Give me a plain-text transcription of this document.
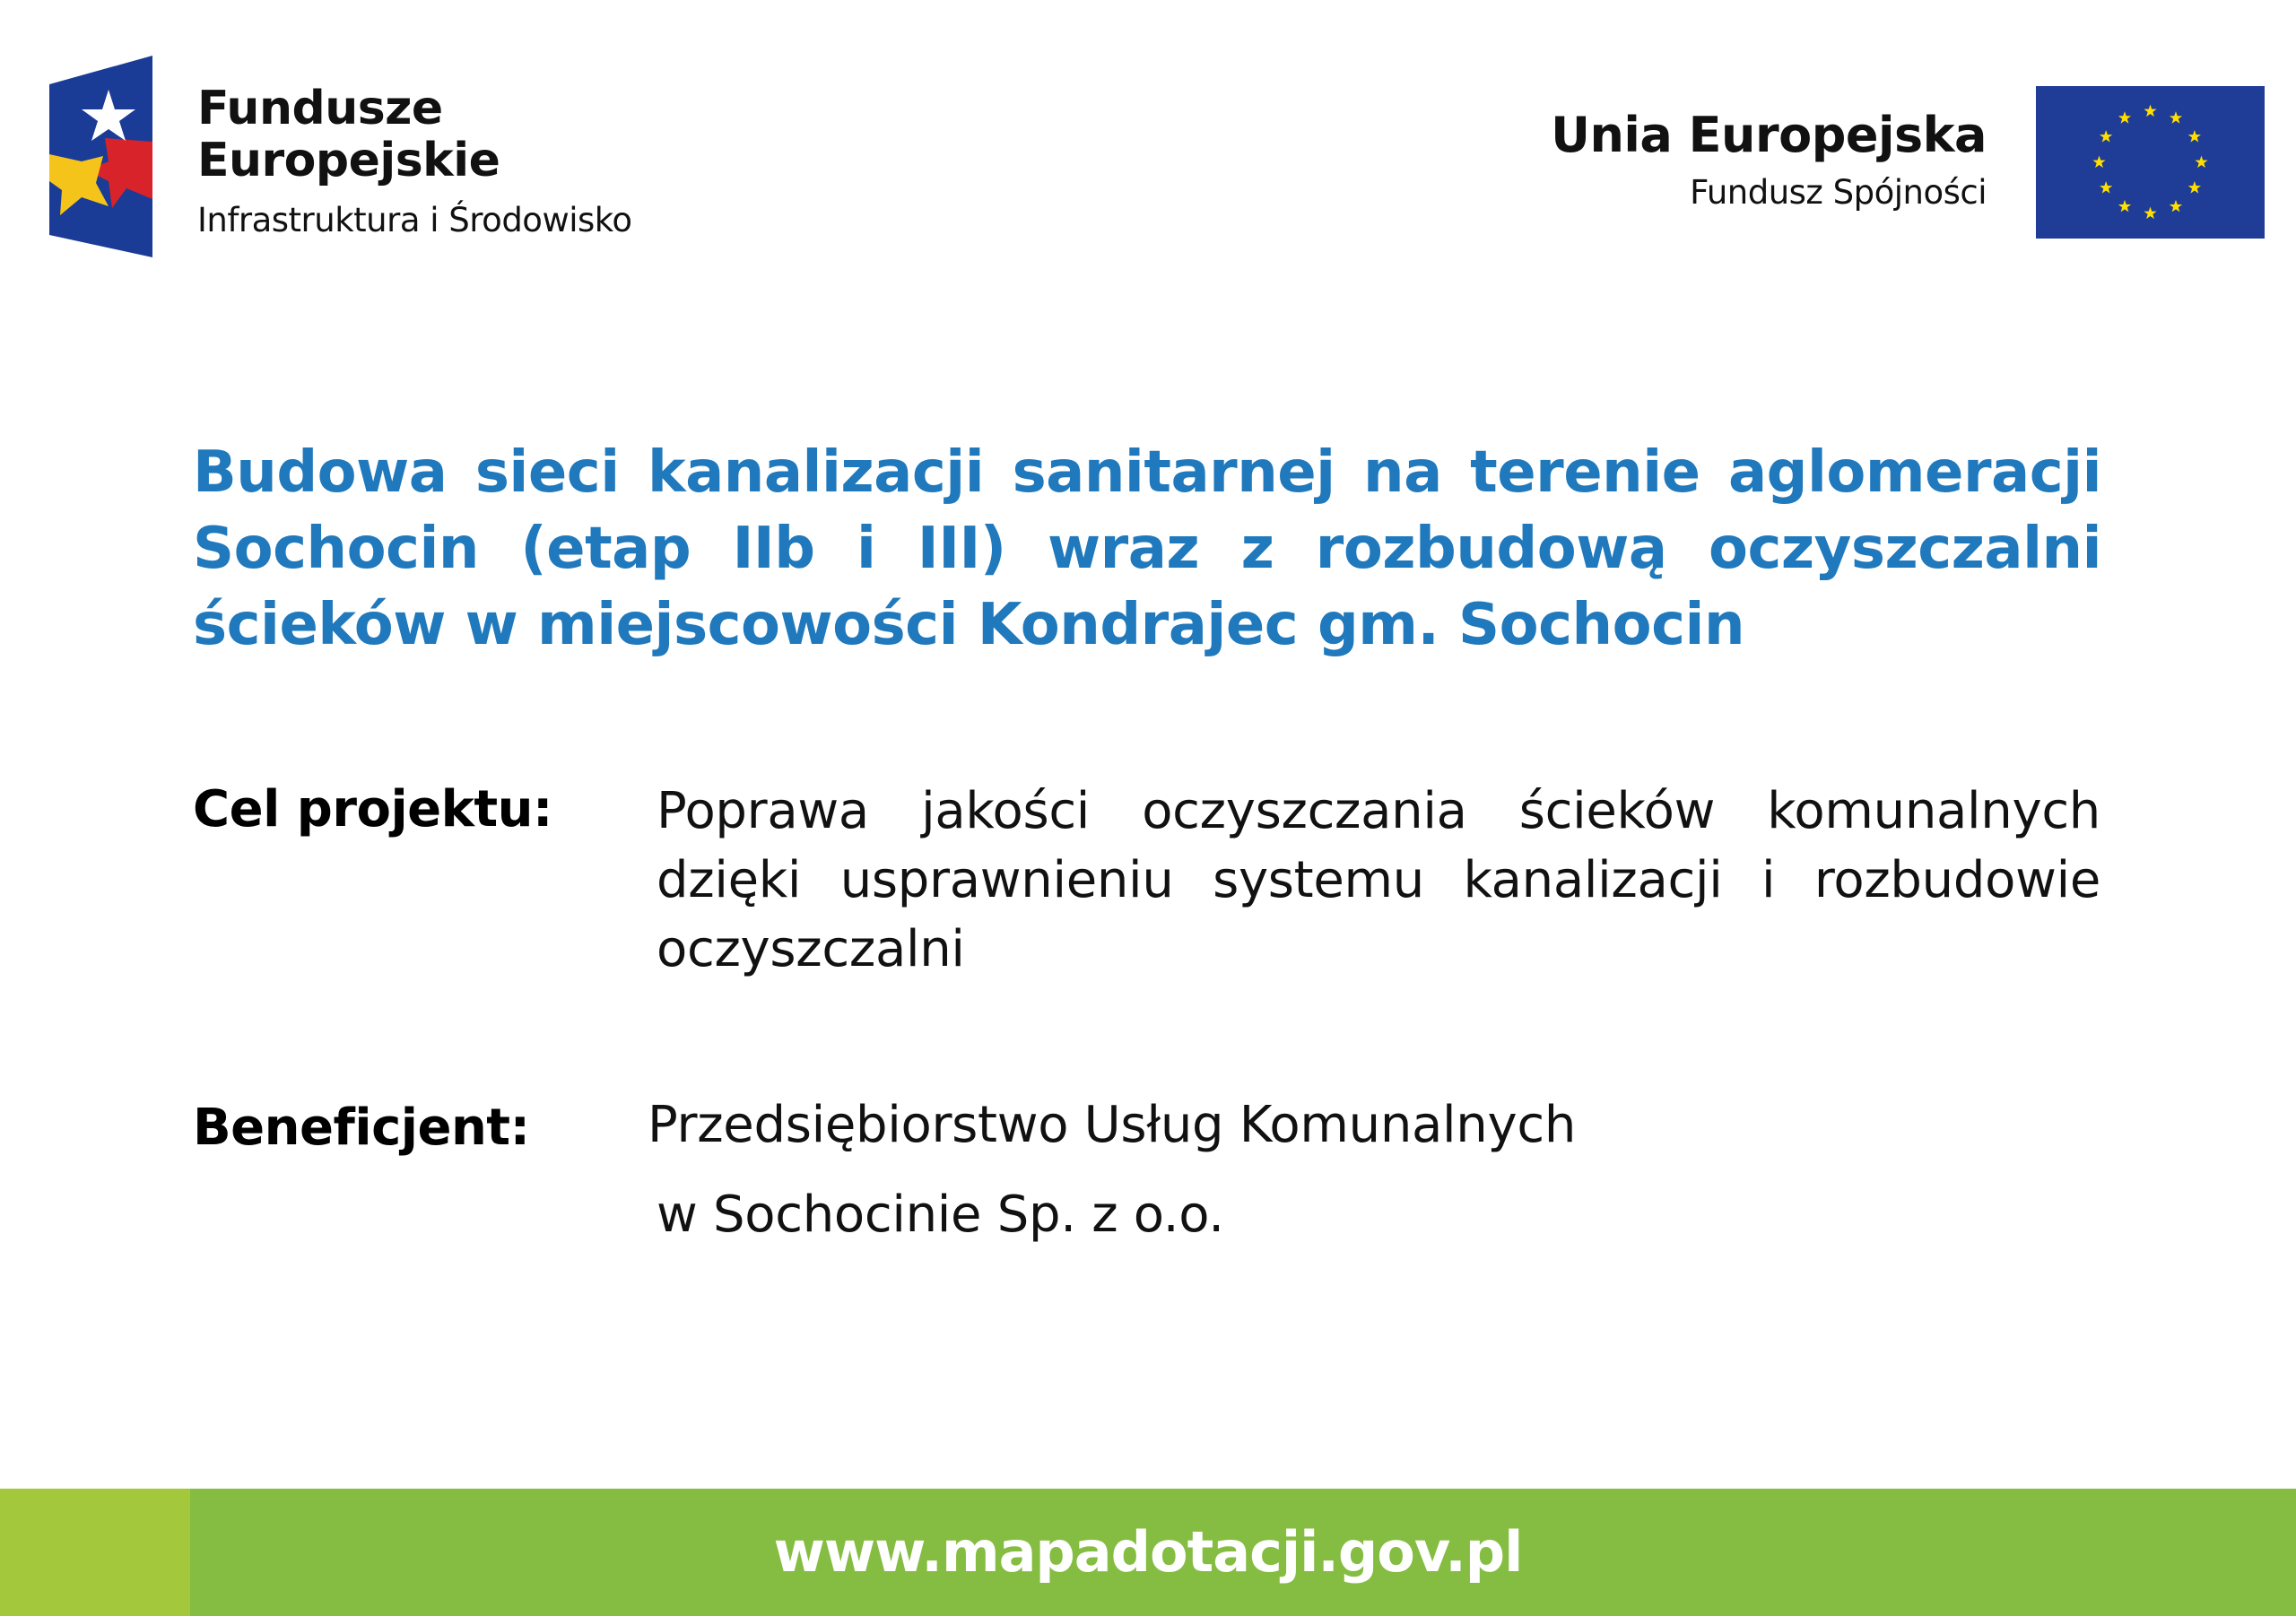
Fundusze
Europejskie
Infrastruktura i Środowisko
Unia Europejska
Fundusz Spójności
Budowa sieci kanalizacji sanitarnej na terenie aglomeracji Sochocin (etap IIb i III) wraz z rozbudową oczyszczalni ścieków w miejscowości Kondrajec gm. Sochocin
Cel projektu: Poprawa jakości oczyszczania ścieków komunalnych dzięki usprawnieniu systemu kanalizacji i rozbudowie oczyszczalni
Beneficjent: Przedsiębiorstwo Usług Komunalnych
w Sochocinie Sp. z o.o.
www.mapadotacji.gov.pl
